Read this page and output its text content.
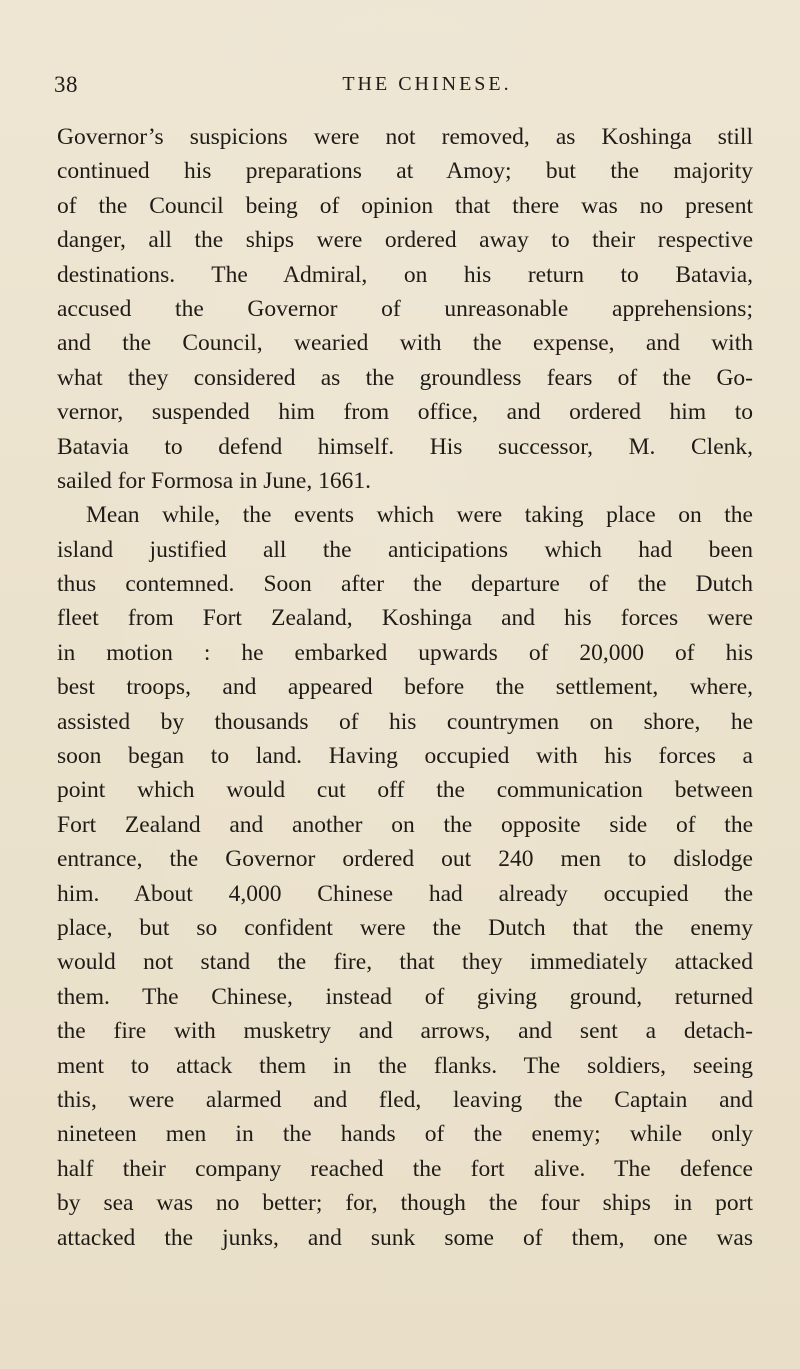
38	THE CHINESE.
Governor’s suspicions were not removed, as Koshinga still
continued his preparations at Amoy; but the majority
of the Council being of opinion that there was no present
danger, all the ships were ordered away to their respective
destinations. The Admiral, on his return to Batavia,
accused the Governor of unreasonable apprehensions;
and the Council, wearied with the expense, and with
what they considered as the groundless fears of the Go-
vernor, suspended him from office, and ordered him to
Batavia to defend himself. His successor, M. Clenk,
sailed for Formosa in June, 1661.
Mean while, the events which were taking place on the
island justified all the anticipations which had been
thus contemned. Soon after the departure of the Dutch
fleet from Fort Zealand, Koshinga and his forces were
in motion : he embarked upwards of 20,000 of his
best troops, and appeared before the settlement, where,
assisted by thousands of his countrymen on shore, he
soon began to land. Having occupied with his forces a
point which would cut off the communication between
Fort Zealand and another on the opposite side of the
entrance, the Governor ordered out 240 men to dislodge
him. About 4,000 Chinese had already occupied the
place, but so confident were the Dutch that the enemy
would not stand the fire, that they immediately attacked
them. The Chinese, instead of giving ground, returned
the fire with musketry and arrows, and sent a detach-
ment to attack them in the flanks. The soldiers, seeing
this, were alarmed and fled, leaving the Captain and
nineteen men in the hands of the enemy; while only
half their company reached the fort alive. The defence
by sea was no better; for, though the four ships in port
attacked the junks, and sunk some of them, one was
